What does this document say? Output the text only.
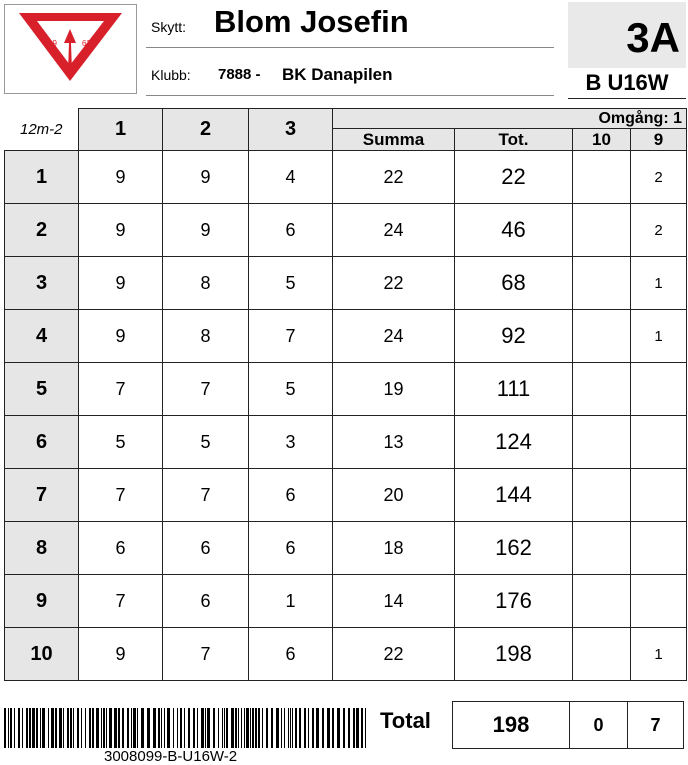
19	62
Skytt: Blom Josefin
Klubb: 7888 - BK Danapilen
3A
B U16W
12m-2	1	2	3	Omgång: 1			
				Summa	Tot.	10	9
1	9	9	4	22	22		2
2	9	9	6	24	46		2
3	9	8	5	22	68		1
4	9	8	7	24	92		1
5	7	7	5	19	111		
6	5	5	3	13	124		
7	7	7	6	20	144		
8	6	6	6	18	162		
9	7	6	1	14	176		
10	9	7	6	22	198		1
3008099-B-U16W-2
Total	198	0	7
